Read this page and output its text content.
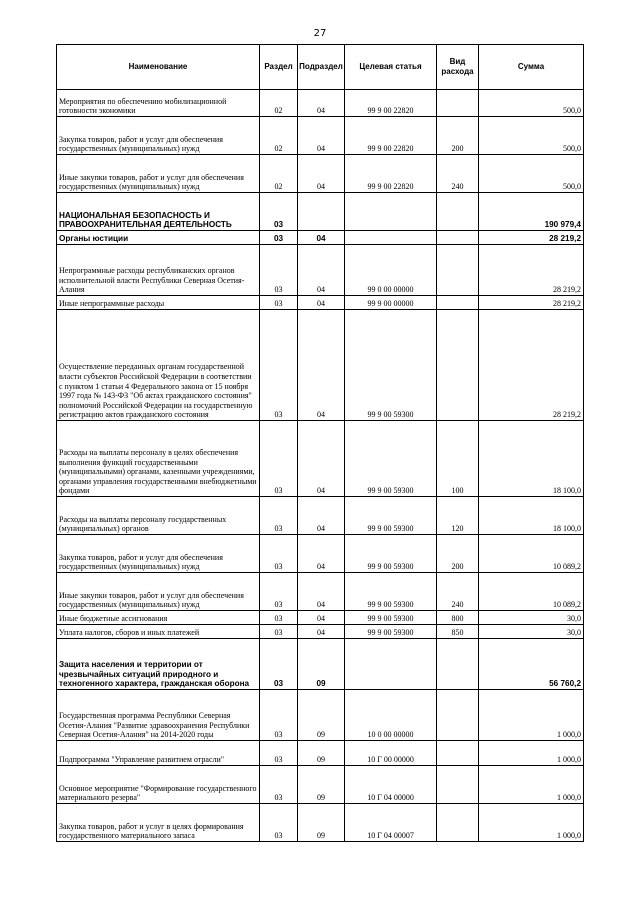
27
Наименование	Раздел	Подраздел	Целевая статья	Вид расхода	Сумма
Мероприятия по обеспечению мобилизационной готовности экономики	02	04	99 9 00 22820		500,0
Закупка товаров, работ и услуг для обеспечения государственных (муниципальных) нужд	02	04	99 9 00 22820	200	500,0
Иные закупки товаров, работ и услуг для обеспечения государственных (муниципальных) нужд	02	04	99 9 00 22820	240	500,0
НАЦИОНАЛЬНАЯ БЕЗОПАСНОСТЬ И ПРАВООХРАНИТЕЛЬНАЯ ДЕЯТЕЛЬНОСТЬ	03				190 979,4
Органы юстиции	03	04			28 219,2
Непрограммные расходы республиканских органов исполнительной власти Республики Северная Осетия-Алания	03	04	99 0 00 00000		28 219,2
Иные непрограммные расходы	03	04	99 9 00 00000		28 219,2
Осуществление переданных органам государственной власти субъектов Российской Федерации в соответствии с пунктом 1 статьи 4 Федерального закона от 15 ноября 1997 года № 143-ФЗ "Об актах гражданского состояния" полномочий Российской Федерации на государственную регистрацию актов гражданского состояния	03	04	99 9 00 59300		28 219,2
Расходы на выплаты персоналу в целях обеспечения выполнения функций государственными (муниципальными) органами, казенными учреждениями, органами управления государственными внебюджетными фондами	03	04	99 9 00 59300	100	18 100,0
Расходы на выплаты персоналу государственных (муниципальных) органов	03	04	99 9 00 59300	120	18 100,0
Закупка товаров, работ и услуг для обеспечения государственных (муниципальных) нужд	03	04	99 9 00 59300	200	10 089,2
Иные закупки товаров, работ и услуг для обеспечения государственных (муниципальных) нужд	03	04	99 9 00 59300	240	10 089,2
Иные бюджетные ассигнования	03	04	99 9 00 59300	800	30,0
Уплата налогов, сборов и иных платежей	03	04	99 9 00 59300	850	30,0
Защита населения и территории от чрезвычайных ситуаций природного и техногенного характера, гражданская оборона	03	09			56 760,2
Государственная программа Республики Северная Осетия-Алания "Развитие здравоохранения Республики Северная Осетия-Алания" на 2014-2020 годы	03	09	10 0 00 00000		1 000,0
Подпрограмма "Управление развитием отрасли"	03	09	10 Г 00 00000		1 000,0
Основное мероприятие "Формирование государственного материального резерва"	03	09	10 Г 04 00000		1 000,0
Закупка товаров, работ и услуг в целях формирования государственного материального запаса	03	09	10 Г 04 00007		1 000,0
